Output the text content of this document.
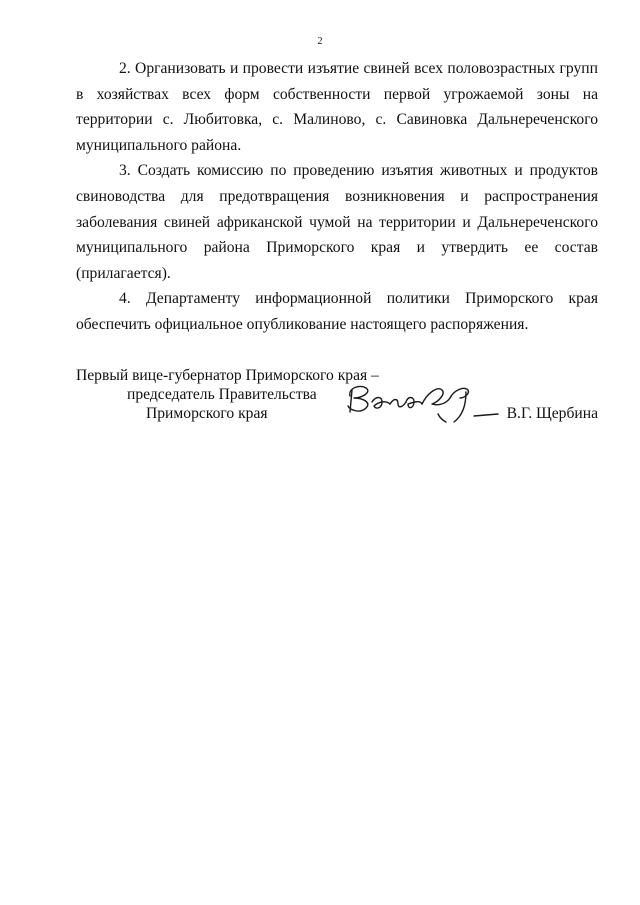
2

2. Организовать и провести изъятие свиней всех половозрастных групп в хозяйствах всех форм собственности первой угрожаемой зоны на территории с. Любитовка, с. Малиново, с. Савиновка Дальнереченского муниципального района.

3. Создать комиссию по проведению изъятия животных и продуктов свиноводства для предотвращения возникновения и распространения заболевания свиней африканской чумой на территории и Дальнереченского муниципального района Приморского края и утвердить ее состав (прилагается).

4. Департаменту информационной политики Приморского края обеспечить официальное опубликование настоящего распоряжения.

Первый вице-губернатор Приморского края –
председатель Правительства
Приморского края	В.Г. Щербина
